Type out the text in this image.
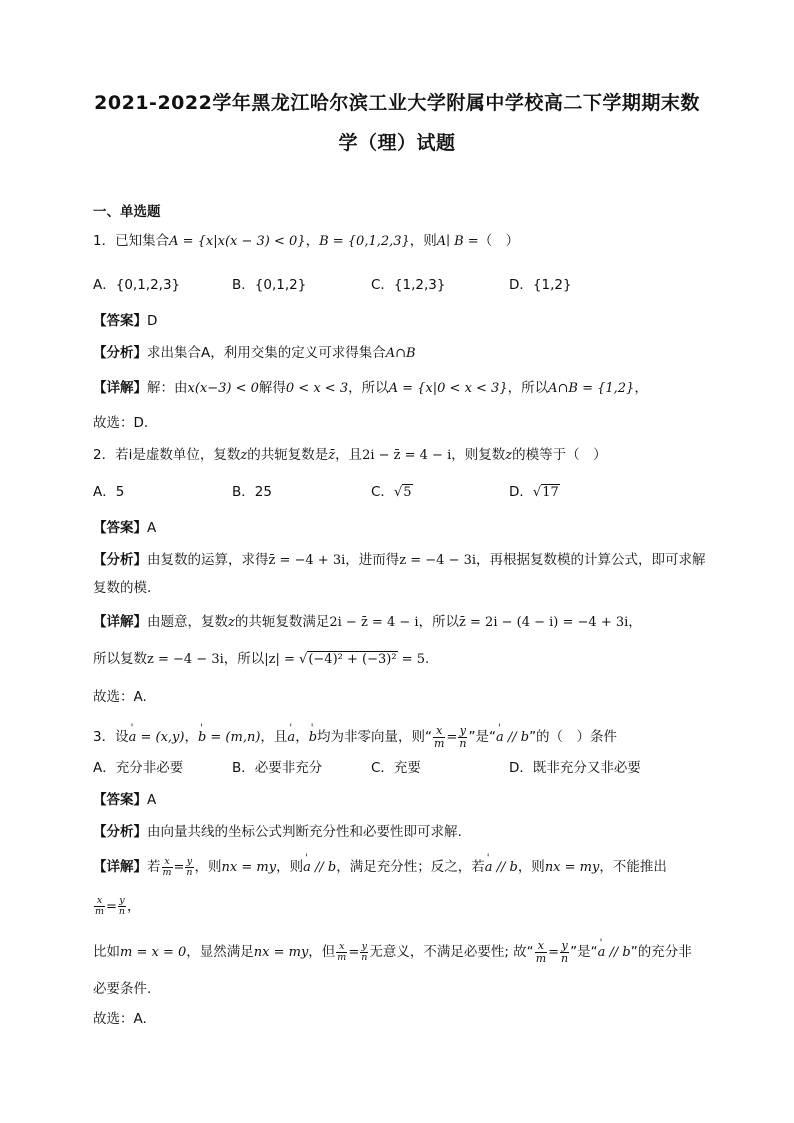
2021-2022学年黑龙江哈尔滨工业大学附属中学校高二下学期期末数
学（理）试题
一、单选题
1．已知集合A = {x|x(x − 3) < 0}，B = {0,1,2,3}，则A∣ B =（　）
A．{0,1,2,3}	B．{0,1,2}	C．{1,2,3}	D．{1,2}
【答案】D
【分析】求出集合A，利用交集的定义可求得集合A∩B
【详解】解：由x(x−3) < 0解得0 < x < 3，所以A = {x|0 < x < 3}，所以A∩B = {1,2}，
故选：D.
2．若i是虚数单位，复数z的共轭复数是z̄，且2i − z̄ = 4 − i，则复数z的模等于（　）
A．5	B．25	C．√5	D．√17
【答案】A
【分析】由复数的运算，求得z̄ = −4 + 3i，进而得z = −4 − 3i，再根据复数模的计算公式，即可求解
复数的模.
【详解】由题意，复数z的共轭复数满足2i − z̄ = 4 − i，所以z̄ = 2i − (4 − i) = −4 + 3i，
所以复数z = −4 − 3i，所以|z| = √(−4)² + (−3)² = 5.
故选：A.
3．设' a = (x,y)，' b = (m,n)，且' a，' b均为非零向量，则“ $\frac{x}{m} = \frac{y}{n}$ ”是“' a // b”的（　）条件
A．充分非必要	B．必要非充分	C．充要	D．既非充分又非必要
【答案】A
【分析】由向量共线的坐标公式判断充分性和必要性即可求解.
【详解】若 $\frac{x}{m} = \frac{y}{n}$ ，则nx = my，则' a // b，满足充分性；反之，若' a // b，则nx = my，不能推出
$\frac{x}{m} = \frac{y}{n}$ ，
比如m = x = 0，显然满足nx = my，但 $\frac{x}{m} = \frac{y}{n}$ 无意义，不满足必要性; 故“ $\frac{x}{m} = \frac{y}{n}$ ”是“' a // b”的充分非
必要条件.
故选：A.
